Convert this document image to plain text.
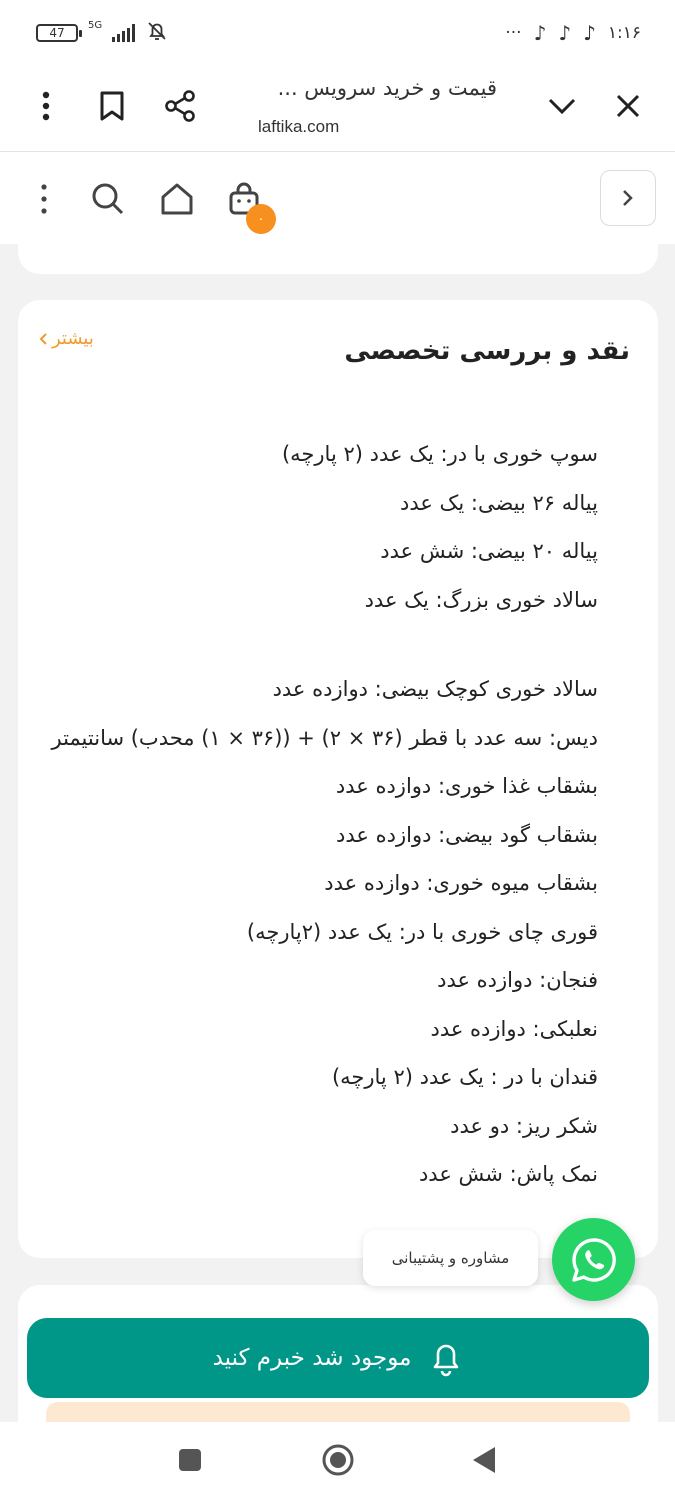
47
5G	··· ♪ ♪ ♪ ۱:۱۶
قیمت و خرید سرویس ...
laftika.com
۰
نقد و بررسی تخصصی
بیشتر
سوپ خوری با در: یک عدد (۲ پارچه)
پیاله ۲۶ بیضی: یک عدد
پیاله ۲۰ بیضی: شش عدد
سالاد خوری بزرگ: یک عدد
سالاد خوری کوچک بیضی: دوازده عدد
دیس: سه عدد با قطر (۳۶ × ۲) + ((۳۶ × ۱) محدب) سانتیمتر
بشقاب غذا خوری: دوازده عدد
بشقاب گود بیضی: دوازده عدد
بشقاب میوه خوری: دوازده عدد
قوری چای خوری با در: یک عدد (۲پارچه)
فنجان: دوازده عدد
نعلبکی: دوازده عدد
قندان با در : یک عدد (۲ پارچه)
شکر ریز: دو عدد
نمک پاش: شش عدد
موجود شد خبرم کنید
مشاوره و پشتیبانی
